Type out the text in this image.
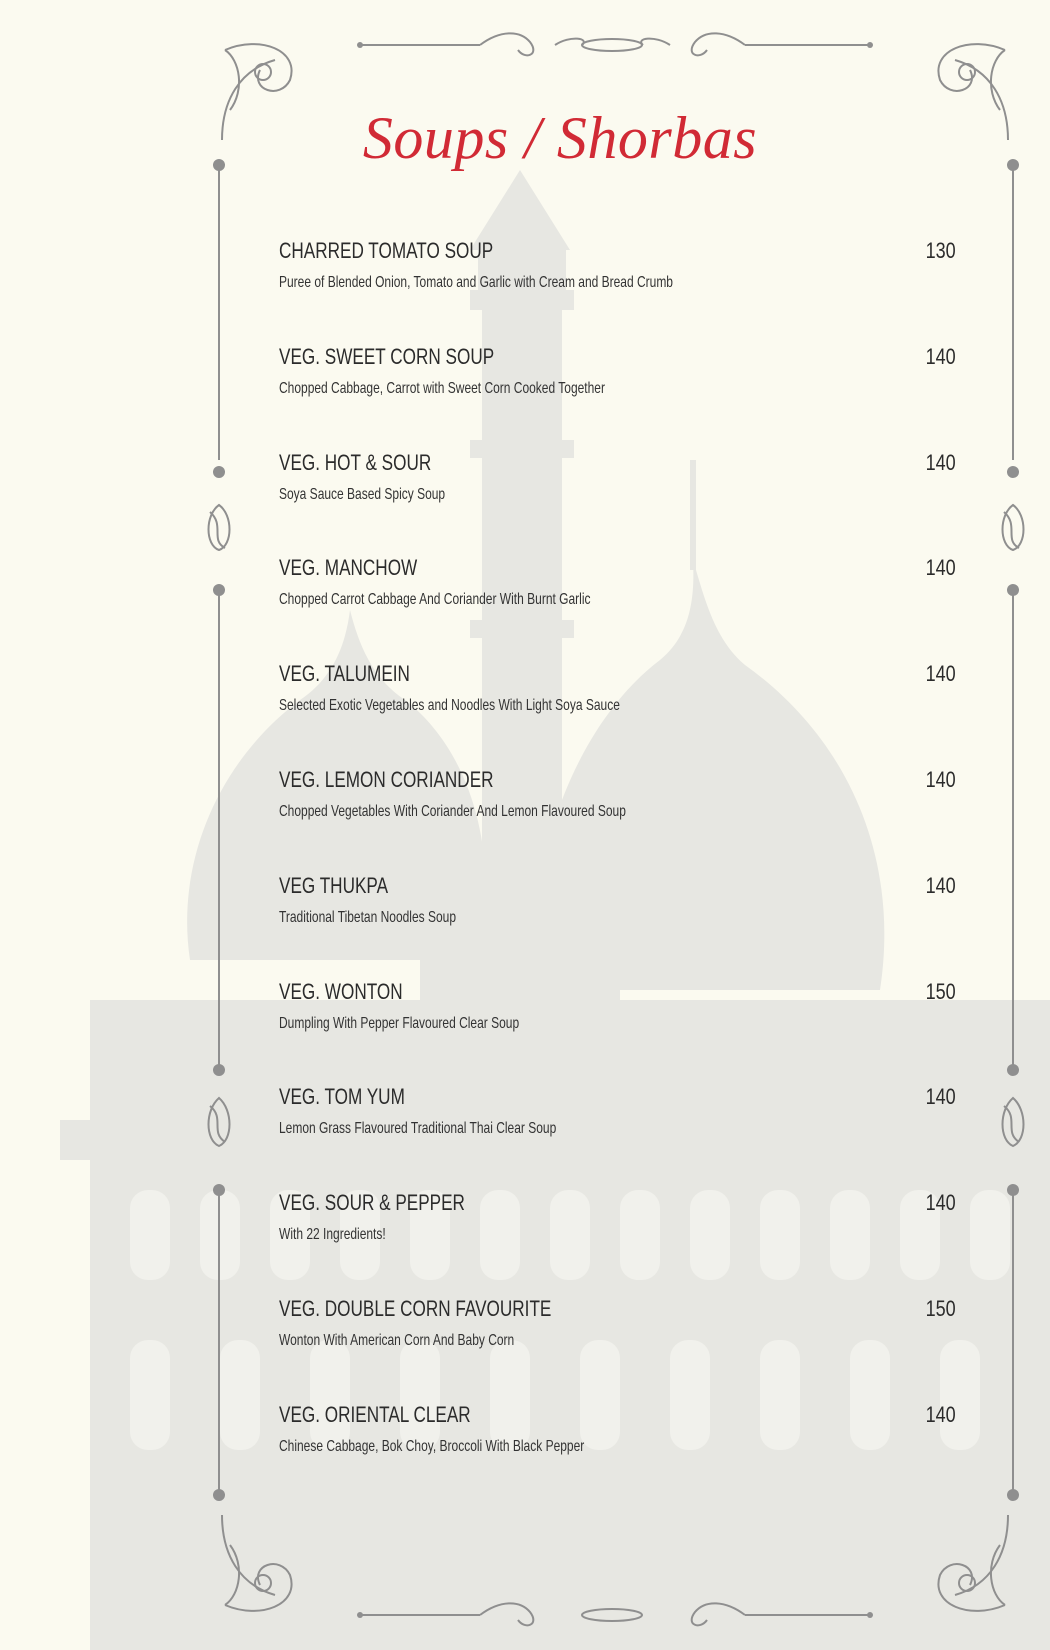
Soups / Shorbas
CHARRED TOMATO SOUP	130
Puree of Blended Onion, Tomato and Garlic with Cream and Bread Crumb
VEG. SWEET CORN SOUP	140
Chopped Cabbage, Carrot with Sweet Corn Cooked Together
VEG. HOT & SOUR	140
Soya Sauce Based Spicy Soup
VEG. MANCHOW	140
Chopped Carrot Cabbage And Coriander With Burnt Garlic
VEG. TALUMEIN	140
Selected Exotic Vegetables and Noodles With Light Soya Sauce
VEG. LEMON CORIANDER	140
Chopped Vegetables With Coriander And Lemon Flavoured Soup
VEG THUKPA	140
Traditional Tibetan Noodles Soup
VEG. WONTON	150
Dumpling With Pepper Flavoured Clear Soup
VEG. TOM YUM	140
Lemon Grass Flavoured Traditional Thai Clear Soup
VEG. SOUR & PEPPER	140
With 22 Ingredients!
VEG. DOUBLE CORN FAVOURITE	150
Wonton With American Corn And Baby Corn
VEG. ORIENTAL CLEAR	140
Chinese Cabbage, Bok Choy, Broccoli With Black Pepper
